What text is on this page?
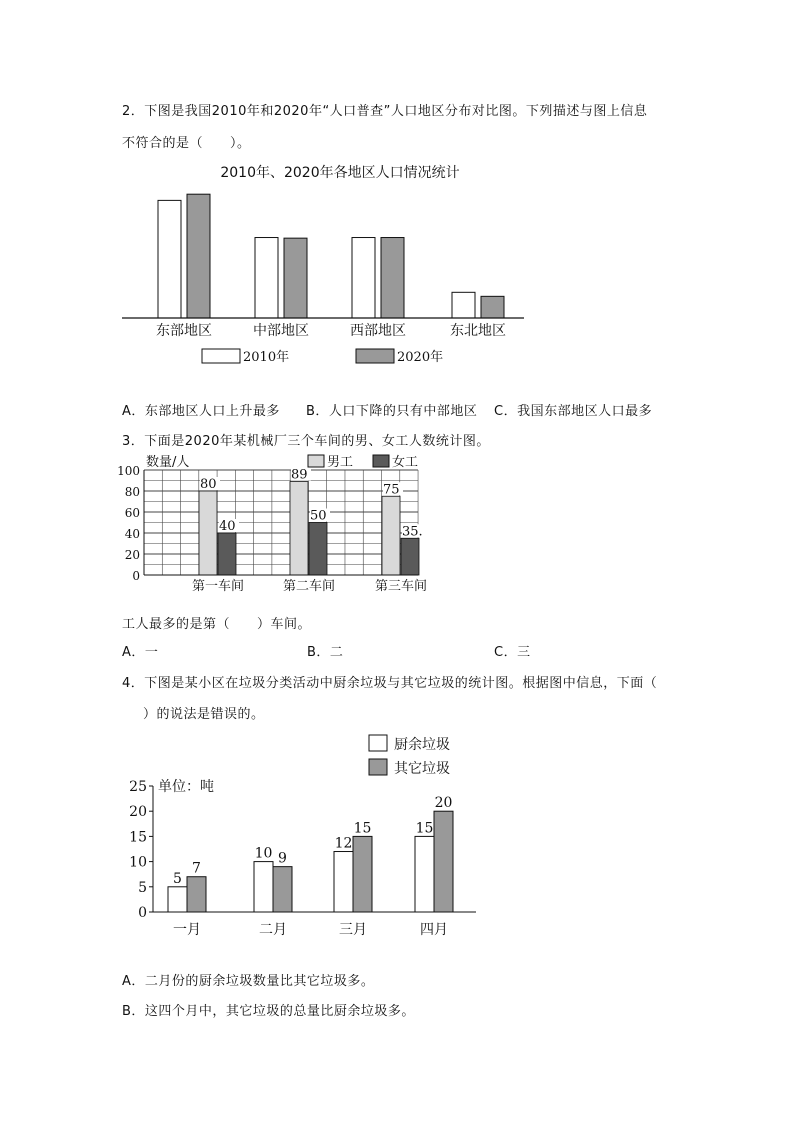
2．下图是我国2010年和2020年“人口普查”人口地区分布对比图。下列描述与图上信息
不符合的是（　　）。
2010年、2020年各地区人口情况统计
东部地区	中部地区	西部地区	东北地区
2010年	2020年
A．东部地区人口上升最多 B．人口下降的只有中部地区 C．我国东部地区人口最多
3．下面是2020年某机械厂三个车间的男、女工人数统计图。
0
20
40
60
80
100
数量/人	男工	女工
80
40
第一车间
89
50
第二车间
75
35.
第三车间
工人最多的是第（　　）车间。
A．一	B．二	C．三
4．下图是某小区在垃圾分类活动中厨余垃圾与其它垃圾的统计图。根据图中信息，下面（
）的说法是错误的。
厨余垃圾
其它垃圾
0
5
10
15
20
25 单位：吨
5
7
一月
10 9
二月
12
15
三月
15
20
四月
A．二月份的厨余垃圾数量比其它垃圾多。
B．这四个月中，其它垃圾的总量比厨余垃圾多。
